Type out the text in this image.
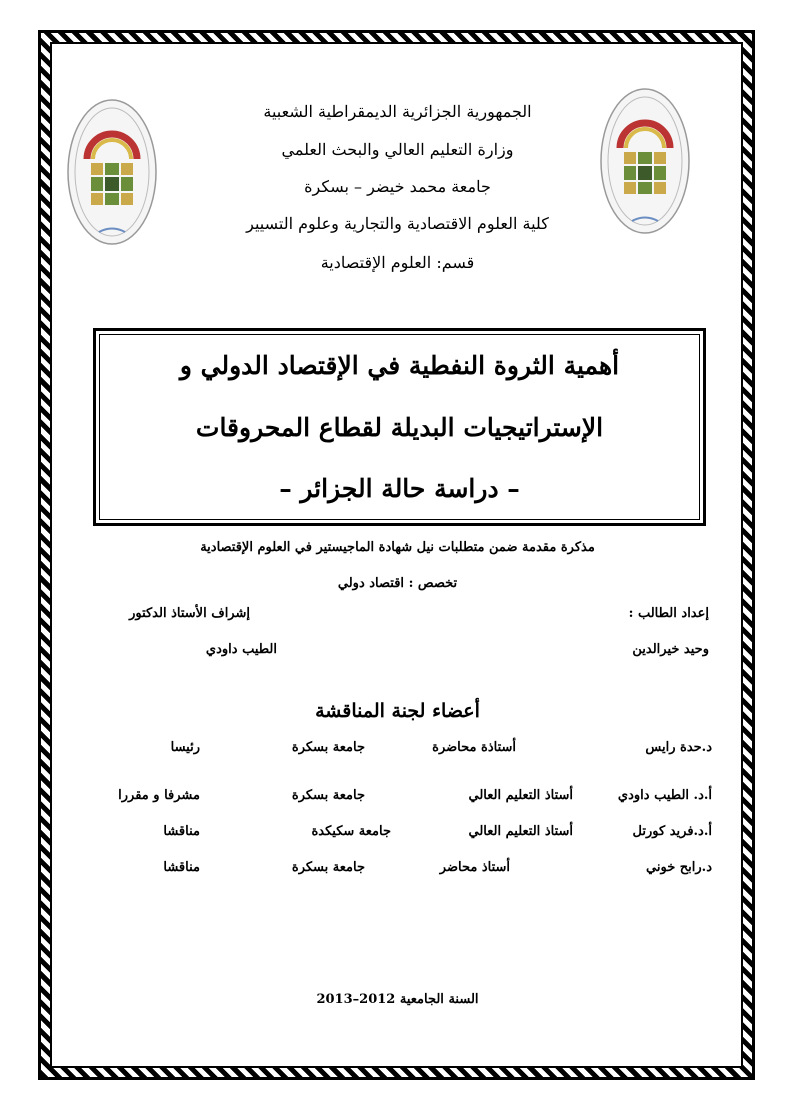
الجمهورية الجزائرية الديمقراطية الشعبية
وزارة التعليم العالي والبحث العلمي
جامعة محمد خيضر – بسكرة
كلية العلوم الاقتصادية والتجارية وعلوم التسيير
قسم: العلوم الإقتصادية
أهمية الثروة النفطية في الإقتصاد الدولي و
الإستراتيجيات البديلة لقطاع المحروقات
– دراسة حالة الجزائر –
مذكرة مقدمة ضمن متطلبات نيل شهادة الماجيستير في العلوم الإقتصادية
تخصص : اقتصاد دولي
إعداد الطالب :
وحيد خيرالدين
إشراف الأستاذ الدكتور
الطيب داودي
أعضاء لجنة المناقشة
د.حدة رايس
أستاذة محاضرة
جامعة بسكرة
رئيسا
أ.د. الطيب داودي
أستاذ التعليم العالي
جامعة بسكرة
مشرفا و مقررا
أ.د.فريد كورتل
أستاذ التعليم العالي
جامعة سكيكدة
مناقشا
د.رابح خوني
أستاذ محاضر
جامعة بسكرة
مناقشا
السنة الجامعية 2012–2013
